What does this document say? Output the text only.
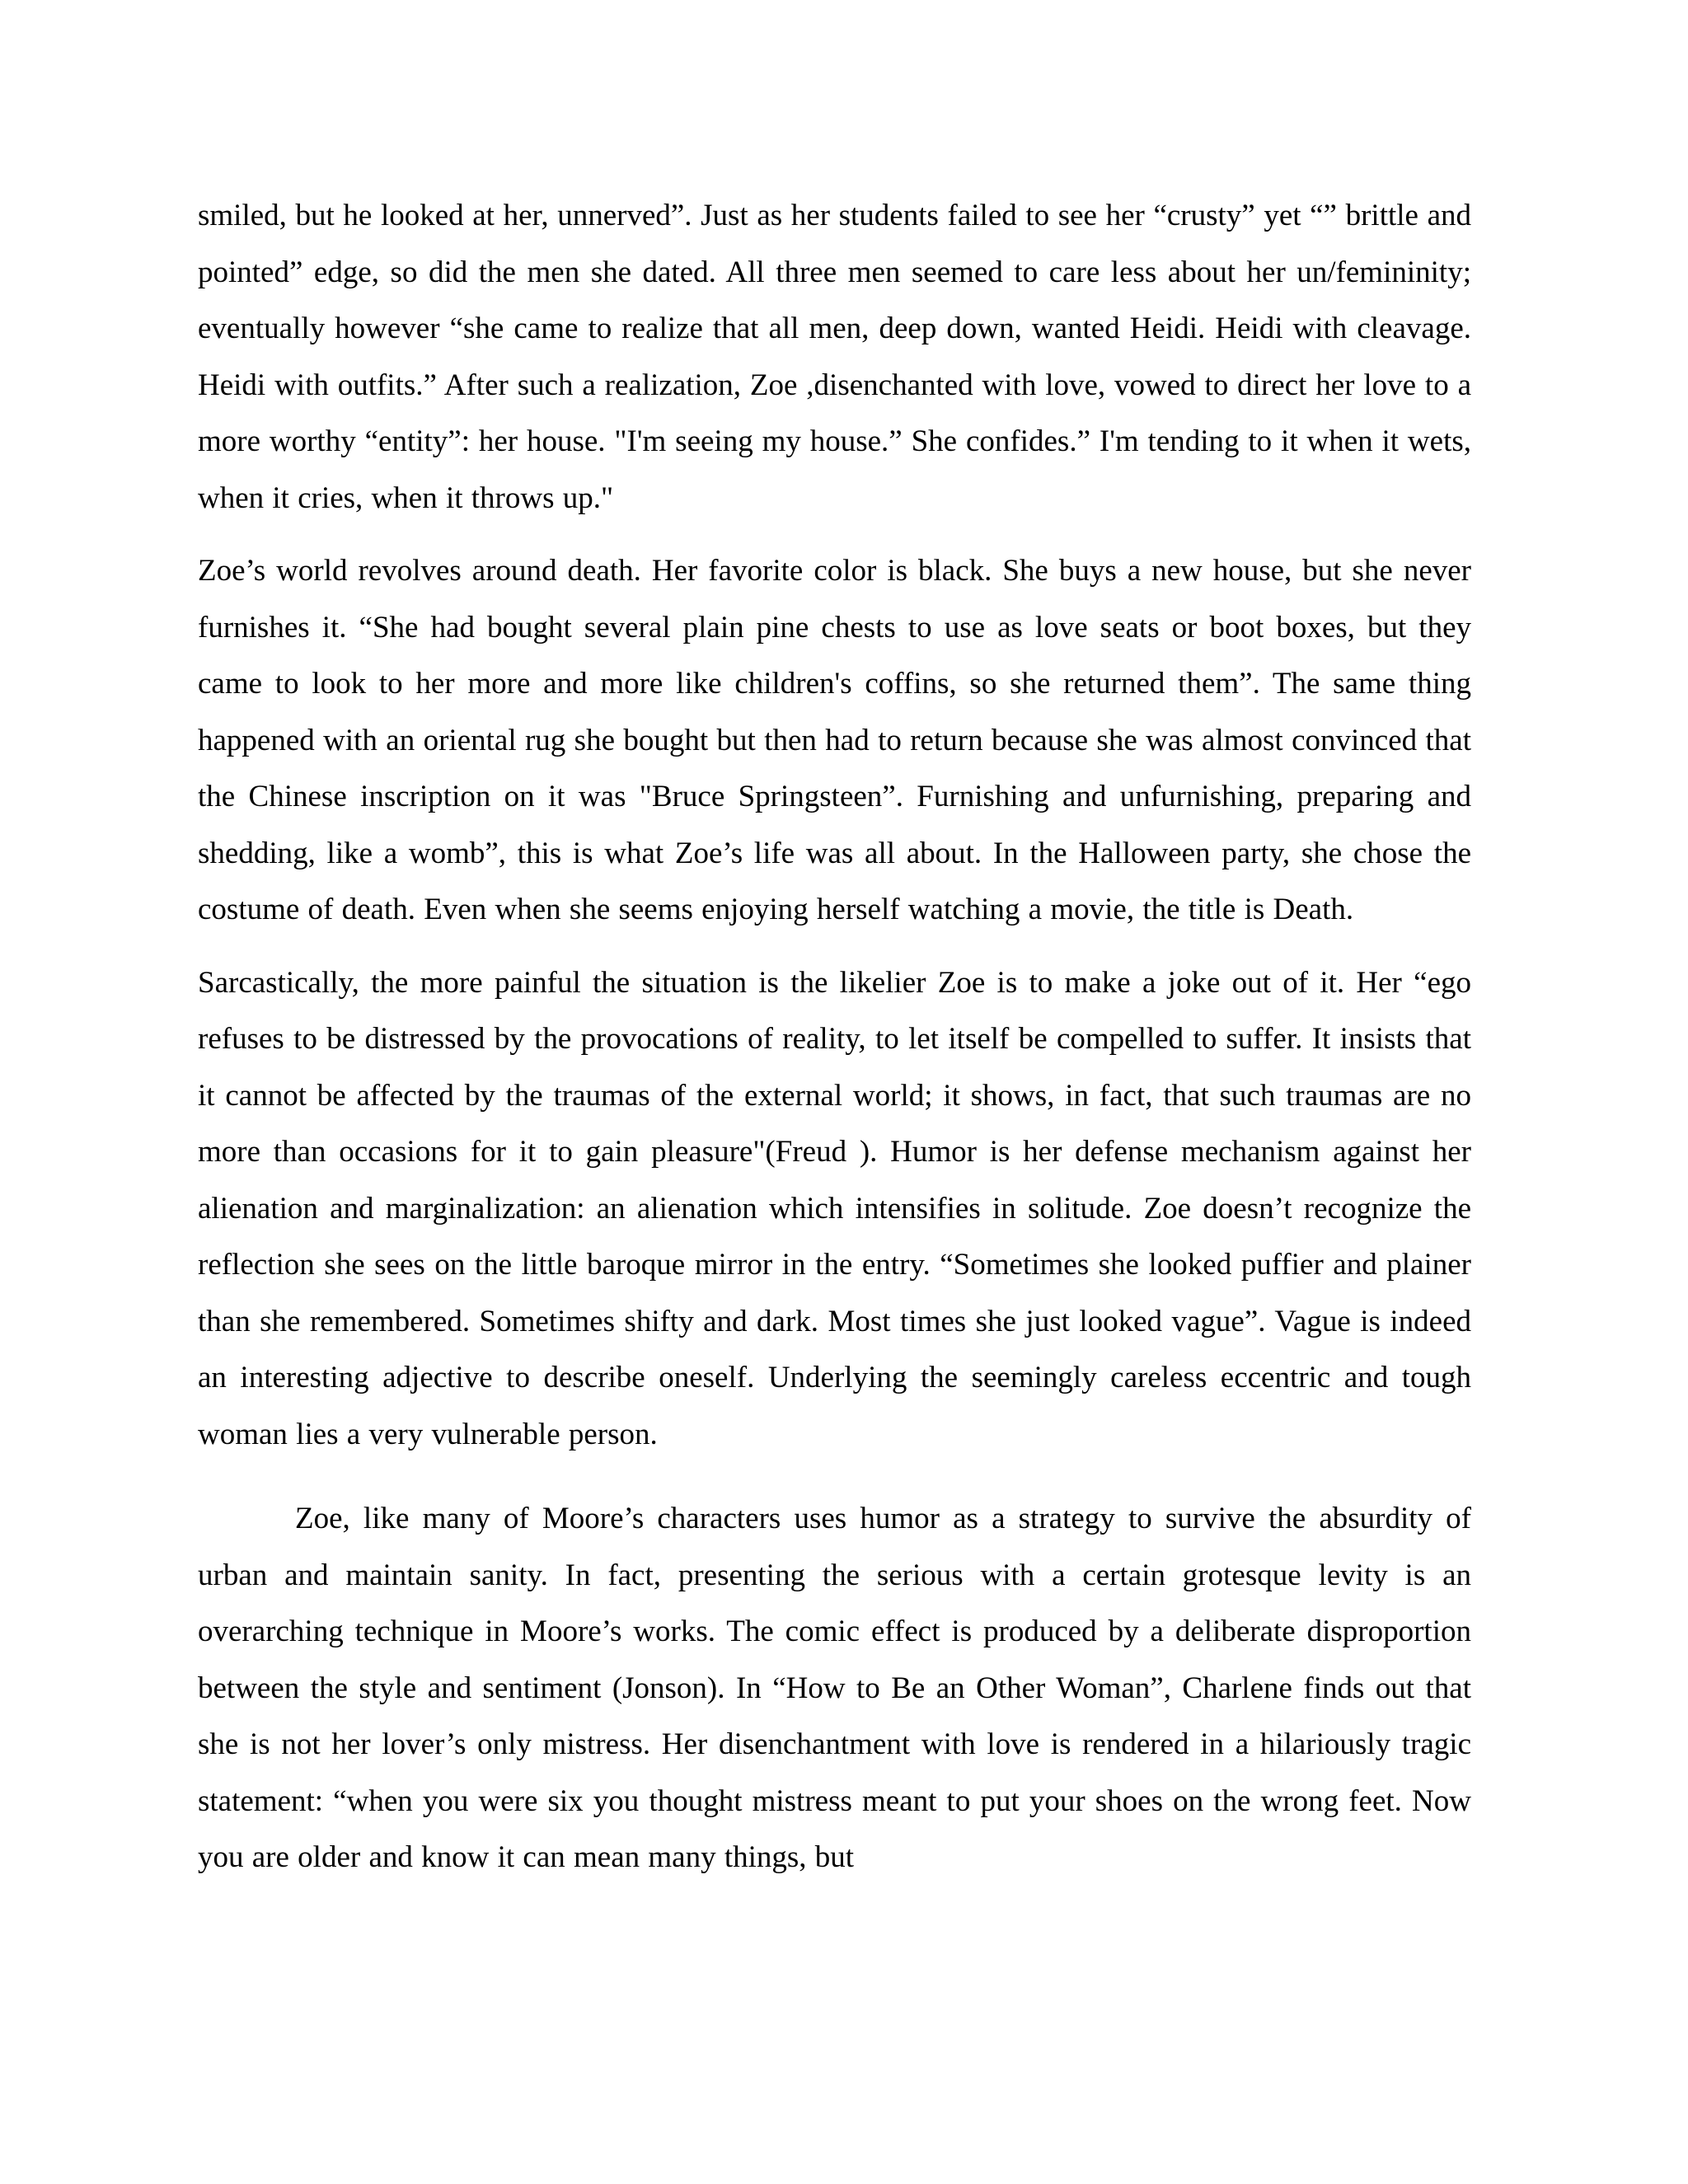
smiled, but he looked at her, unnerved”. Just as her students failed to see her “crusty” yet “” brittle and pointed” edge, so did the men she dated. All three men seemed to care less about her un/femininity; eventually however “she came to realize that all men, deep down, wanted Heidi. Heidi with cleavage. Heidi with outfits.” After such a realization, Zoe ,disenchanted with love, vowed to direct her love to a more worthy “entity”: her house. "I'm seeing my house.” She confides.” I'm tending to it when it wets, when it cries, when it throws up."

Zoe’s world revolves around death. Her favorite color is black. She buys a new house, but she never furnishes it. “She had bought several plain pine chests to use as love seats or boot boxes, but they came to look to her more and more like children's coffins, so she returned them”. The same thing happened with an oriental rug she bought but then had to return because she was almost convinced that the Chinese inscription on it was "Bruce Springsteen”. Furnishing and unfurnishing, preparing and shedding, like a womb”, this is what Zoe’s life was all about. In the Halloween party, she chose the costume of death. Even when she seems enjoying herself watching a movie, the title is Death.

Sarcastically, the more painful the situation is the likelier Zoe is to make a joke out of it. Her “ego refuses to be distressed by the provocations of reality, to let itself be compelled to suffer. It insists that it cannot be affected by the traumas of the external world; it shows, in fact, that such traumas are no more than occasions for it to gain pleasure"(Freud ). Humor is her defense mechanism against her alienation and marginalization: an alienation which intensifies in solitude. Zoe doesn’t recognize the reflection she sees on the little baroque mirror in the entry. “Sometimes she looked puffier and plainer than she remembered. Sometimes shifty and dark. Most times she just looked vague”. Vague is indeed an interesting adjective to describe oneself. Underlying the seemingly careless eccentric and tough woman lies a very vulnerable person.

Zoe, like many of Moore’s characters uses humor as a strategy to survive the absurdity of urban and maintain sanity. In fact, presenting the serious with a certain grotesque levity is an overarching technique in Moore’s works. The comic effect is produced by a deliberate disproportion between the style and sentiment (Jonson). In “How to Be an Other Woman”, Charlene finds out that she is not her lover’s only mistress. Her disenchantment with love is rendered in a hilariously tragic statement: “when you were six you thought mistress meant to put your shoes on the wrong feet. Now you are older and know it can mean many things, but
